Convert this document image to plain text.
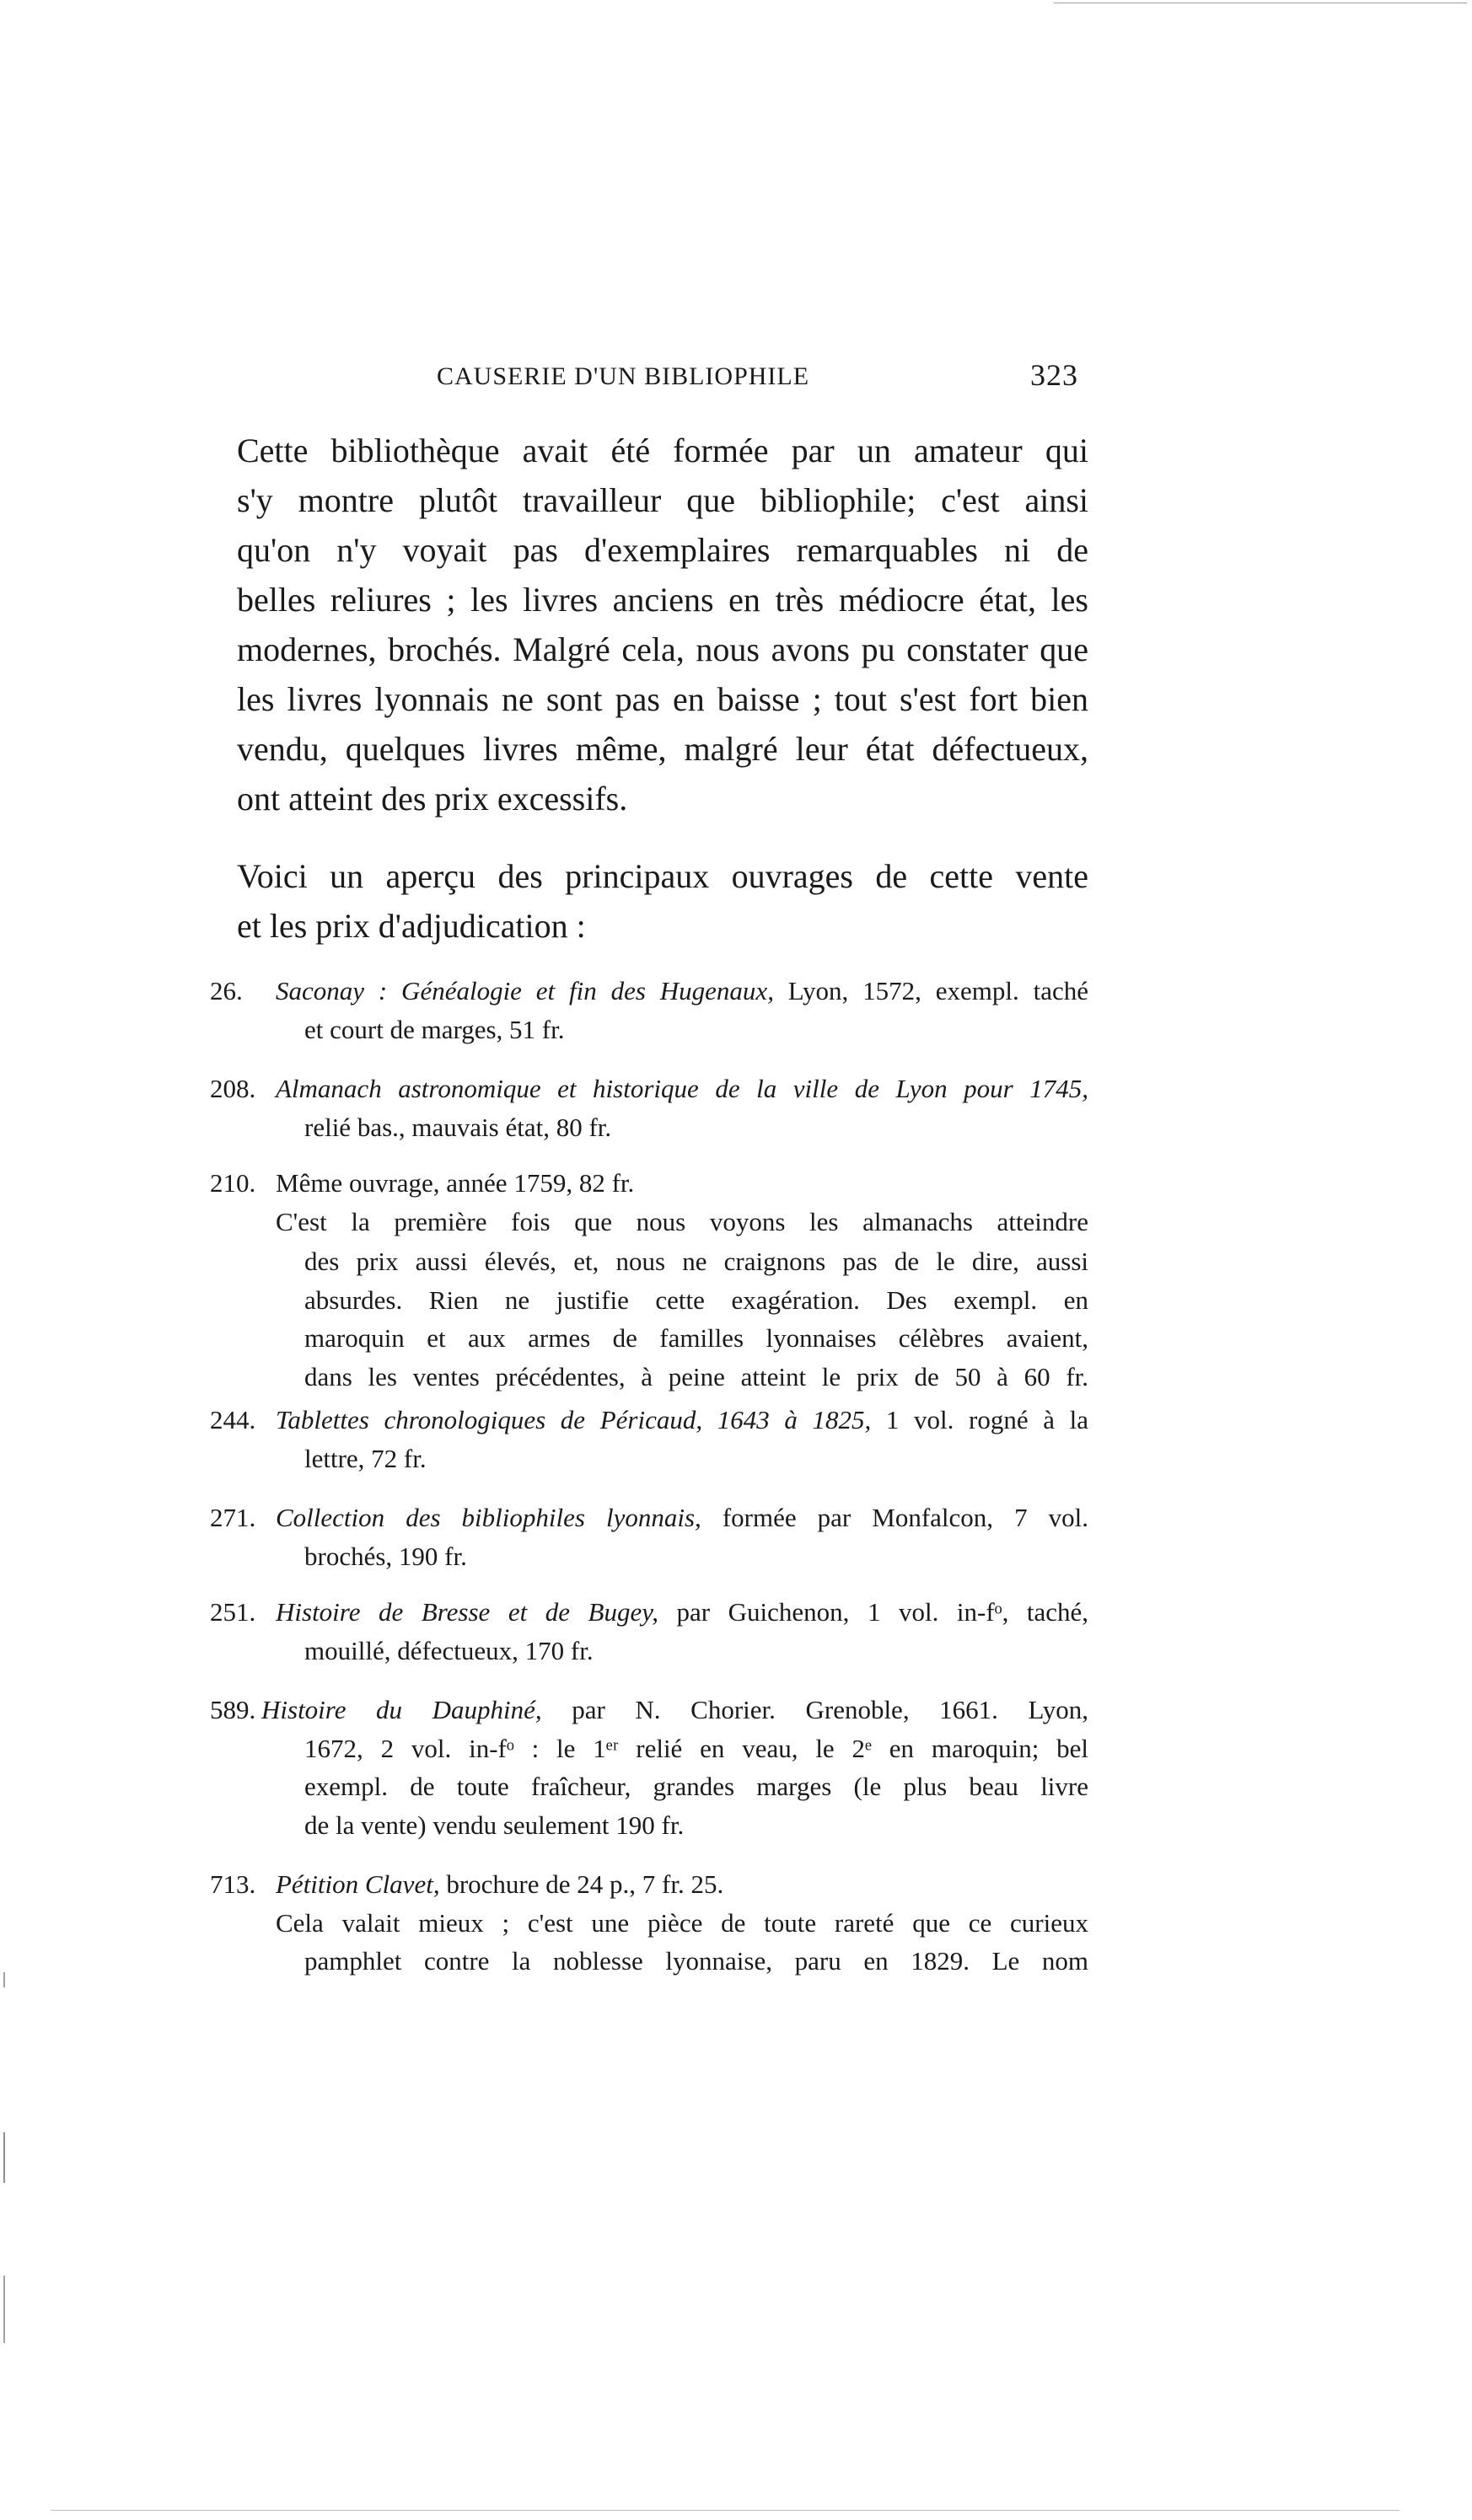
CAUSERIE D'UN BIBLIOPHILE	323
Cette bibliothèque avait été formée par un amateur qui
s'y montre plutôt travailleur que bibliophile; c'est ainsi
qu'on n'y voyait pas d'exemplaires remarquables ni de
belles reliures ; les livres anciens en très médiocre état, les
modernes, brochés. Malgré cela, nous avons pu constater que
les livres lyonnais ne sont pas en baisse ; tout s'est fort bien
vendu, quelques livres même, malgré leur état défectueux,
ont atteint des prix excessifs.
Voici un aperçu des principaux ouvrages de cette vente
et les prix d'adjudication :
26.	Saconay : Généalogie et fin des Hugenaux, Lyon, 1572, exempl. taché
et court de marges, 51 fr.
208. Almanach astronomique et historique de la ville de Lyon pour 1745,
relié bas., mauvais état, 80 fr.
210. Même ouvrage, année 1759, 82 fr.
C'est la première fois que nous voyons les almanachs atteindre
des prix aussi élevés, et, nous ne craignons pas de le dire, aussi
absurdes. Rien ne justifie cette exagération. Des exempl. en
maroquin et aux armes de familles lyonnaises célèbres avaient,
dans les ventes précédentes, à peine atteint le prix de 50 à 60 fr.
244. Tablettes chronologiques de Péricaud, 1643 à 1825, 1 vol. rogné à la
lettre, 72 fr.
271. Collection des bibliophiles lyonnais, formée par Monfalcon, 7 vol.
brochés, 190 fr.
251. Histoire de Bresse et de Bugey, par Guichenon, 1 vol. in-fᵒ, taché,
mouillé, défectueux, 170 fr.
589. Histoire du Dauphiné, par N. Chorier. Grenoble, 1661. Lyon,
1672, 2 vol. in-fᵒ : le 1ᵉʳ relié en veau, le 2ᵉ en maroquin; bel
exempl. de toute fraîcheur, grandes marges (le plus beau livre
de la vente) vendu seulement 190 fr.
713. Pétition Clavet, brochure de 24 p., 7 fr. 25.
Cela valait mieux ; c'est une pièce de toute rareté que ce curieux
pamphlet contre la noblesse lyonnaise, paru en 1829. Le nom
